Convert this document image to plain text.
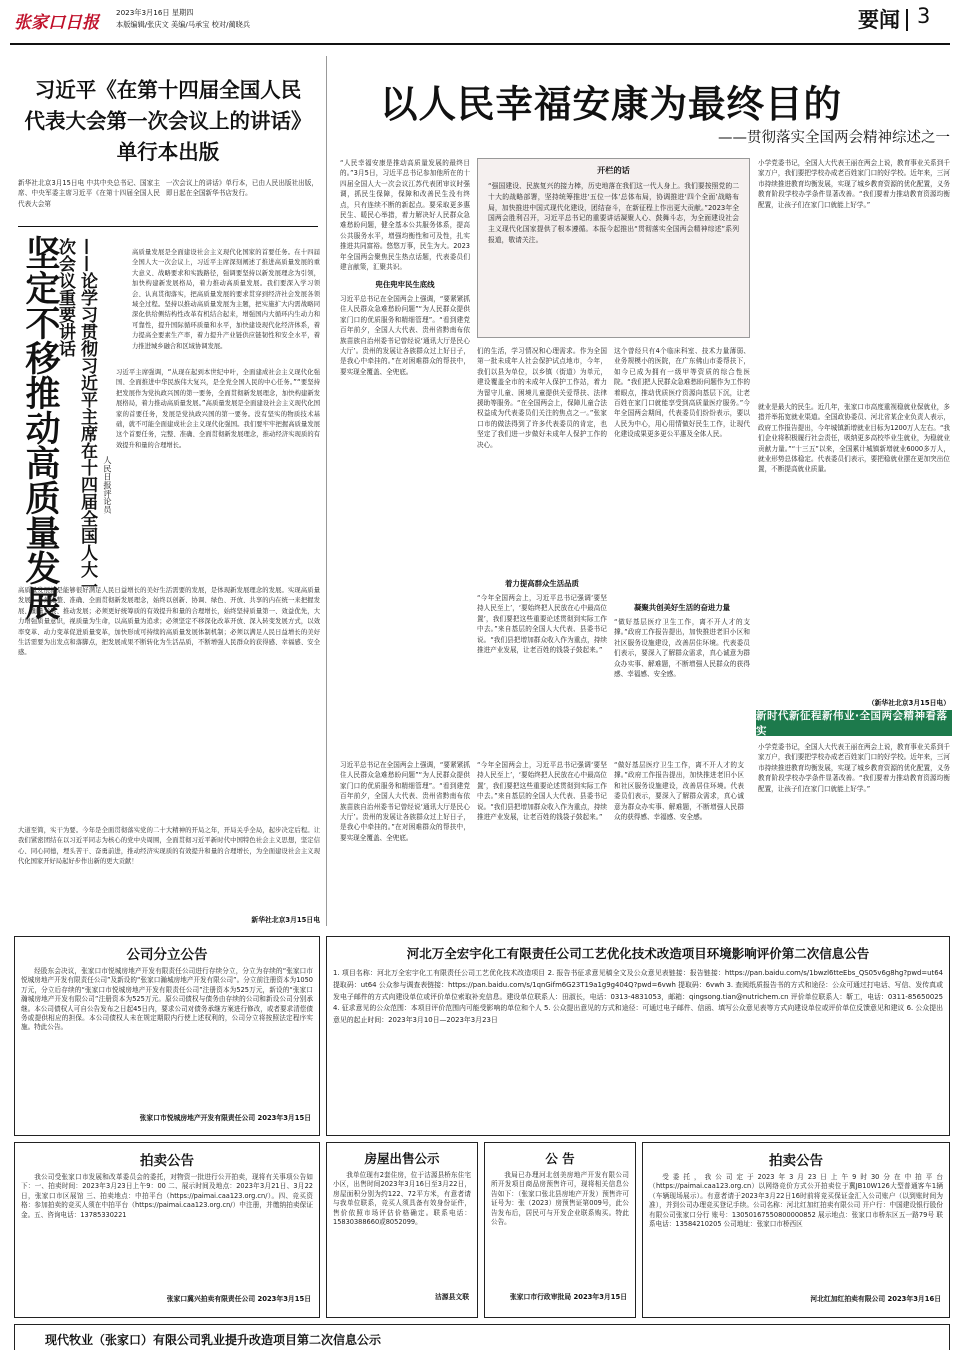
张家口日报
2023年3月16日 星期四
本版编辑/张庆文 美编/马承宝 校对/蔺晓兵	要闻 3
习近平《在第十四届全国人民
代表大会第一次会议上的讲话》
单行本出版
新华社北京3月15日电 中共中央总书记、国家主席、中央军委主席习近平《在第十四届全国人民代表大会第
一次会议上的讲话》单行本，已由人民出版社出版，即日起在全国新华书店发行。
坚定不移推动高质量发展 ——论学习贯彻习近平主席在十四届全国人大一次会议重要讲话
人民日报评论员
高质量发展是全面建设社会主义现代化国家的首要任务。在十四届全国人大一次会议上，习近平主席深刻阐述了推进高质量发展的重大意义、战略要求和实践路径，强调要坚持以新发展理念为引领，加快构建新发展格局，着力推动高质量发展。我们要深入学习领会、认真贯彻落实，把高质量发展的要求贯穿到经济社会发展各领域全过程。坚持以推动高质量发展为主题，把实施扩大内需战略同深化供给侧结构性改革有机结合起来，增强国内大循环内生动力和可靠性，提升国际循环质量和水平，加快建设现代化经济体系，着力提高全要素生产率，着力提升产业链供应链韧性和安全水平，着力推进城乡融合和区域协调发展。
习近平主席强调，“从现在起到本世纪中叶，全面建成社会主义现代化强国、全面推进中华民族伟大复兴，是全党全国人民的中心任务。”“要坚持把发展作为党执政兴国的第一要务，全面贯彻新发展理念，加快构建新发展格局，着力推动高质量发展。”高质量发展是全面建设社会主义现代化国家的首要任务，发展是党执政兴国的第一要务。没有坚实的物质技术基础，就不可能全面建成社会主义现代化强国。我们要牢牢把握高质量发展这个首要任务，完整、准确、全面贯彻新发展理念，推动经济实现质的有效提升和量的合理增长。
高质量发展就是能够很好满足人民日益增长的美好生活需要的发展，是体现新发展理念的发展。实现高质量发展，必须完整、准确、全面贯彻新发展理念，始终以创新、协调、绿色、开放、共享的内在统一来把握发展、衡量发展、推动发展；必须更好统筹质的有效提升和量的合理增长，始终坚持质量第一、效益优先，大力增强质量意识，视质量为生命，以高质量为追求；必须坚定不移深化改革开放、深入转变发展方式，以效率变革、动力变革促进质量变革，加快形成可持续的高质量发展体制机制；必须以满足人民日益增长的美好生活需要为出发点和落脚点，把发展成果不断转化为生活品质，不断增强人民群众的获得感、幸福感、安全感。
大道至简，实干为要。今年是全面贯彻落实党的二十大精神的开局之年，开局关乎全局，起步决定后程。让我们紧密团结在以习近平同志为核心的党中央周围，全面贯彻习近平新时代中国特色社会主义思想，坚定信心、同心同德，埋头苦干、奋勇前进，推动经济实现质的有效提升和量的合理增长，为全面建设社会主义现代化国家开好局起好步作出新的更大贡献！
新华社北京3月15日电
以人民幸福安康为最终目的
——贯彻落实全国两会精神综述之一
“人民幸福安康是推动高质量发展的最终目的。”3月5日，习近平总书记参加他所在的十四届全国人大一次会议江苏代表团审议时强调，抓民生保障，保障和改善民生没有终点，只有连续不断的新起点。要采取更多惠民生、暖民心举措，着力解决好人民群众急难愁盼问题，健全基本公共服务体系，提高公共服务水平，增强均衡性和可及性，扎实推进共同富裕。悠悠万事，民生为大。2023年全国两会聚焦民生热点话题，代表委员们建言献策，汇聚共识。
兜住兜牢民生底线
习近平总书记在全国两会上强调，“要紧紧抓住人民群众急难愁盼问题”“为人民群众提供家门口的优质服务和精细管理”。“看到建党百年前夕，全国人大代表、贵州省黔南布依族苗族自治州委书记曾经说‘通讯大厅是民心大厅’。贵州的发展让各族群众过上好日子，是我心中牵挂的。”在对困难群众的帮扶中，要实现全覆盖、全兜底。
开栏的话
“强国建设、民族复兴的接力棒，历史地落在我们这一代人身上。我们要按照党的二十大的战略部署，坚持统筹推进‘五位一体’总体布局，协调推进‘四个全面’战略布局，加快推进中国式现代化建设，团结奋斗，在新征程上作出更大贡献。”2023年全国两会胜利召开，习近平总书记的重要讲话凝聚人心、鼓舞斗志，为全面建设社会主义现代化国家提供了根本遵循。本报今起推出“贯彻落实全国两会精神综述”系列报道，敬请关注。
们的生活，学习情况和心理需求。作为全国第一批未成年人社会保护试点地市，今年，我们以县为单位，以乡镇（街道）为单元，建设覆盖全市的未成年人保护工作站，着力为留守儿童、困境儿童提供关爱帮扶、法律援助等服务。“在全国两会上，保障儿童合法权益成为代表委员们关注的焦点之一。”张家口市的做法得到了许多代表委员的肯定，也坚定了我们进一步做好未成年人保护工作的决心。
着力提高群众生活品质
“今年全国两会上，习近平总书记强调‘要坚持人民至上’，‘要始终把人民放在心中最高位置’，我们要把这些重要论述贯彻到实际工作中去。”来自基层的全国人大代表、县委书记说。“我们县把增加群众收入作为重点，持续推进产业发展，让老百姓的钱袋子鼓起来。”
这个曾经只有4个临床科室、技术力量薄弱、业务规模小的医院，在广东佛山市委帮扶下，如今已成为拥有一级甲等资质的综合性医院。“我们把人民群众急难愁盼问题作为工作的着眼点，推动优质医疗资源向基层下沉，让老百姓在家门口就能享受到高质量医疗服务。”今年全国两会期间，代表委员们纷纷表示，要以人民为中心，用心用情做好民生工作，让现代化建设成果更多更公平惠及全体人民。
凝聚共创美好生活的奋进力量
“做好基层医疗卫生工作，离不开人才的支撑。”政府工作报告提出，加快推进老旧小区和社区服务设施建设，改善居住环境。代表委员们表示，要深入了解群众需求，真心诚意为群众办实事、解难题，不断增强人民群众的获得感、幸福感、安全感。
小学党委书记，全国人大代表王丽在两会上说，教育事业关系到千家万户，我们要把学校办成老百姓家门口的好学校。近年来，三河市持续推进教育均衡发展，实现了城乡教育资源的优化配置，义务教育阶段学校办学条件显著改善。“我们要着力推动教育资源均衡配置，让孩子们在家门口就能上好学。”
就业是最大的民生。近几年，张家口市高度重视稳就业保就业，多措并举拓宽就业渠道。全国政协委员、河北省某企业负责人表示，政府工作报告提出，今年城镇新增就业目标为1200万人左右。“我们企业将积极履行社会责任，吸纳更多高校毕业生就业，为稳就业贡献力量。”“十三五”以来，全国累计城镇新增就业6000多万人，就业形势总体稳定。代表委员们表示，要把稳就业摆在更加突出位置，不断提高就业质量。
（新华社北京3月15日电）
新时代新征程新伟业·全国两会精神看落实
习近平总书记在全国两会上强调，“要紧紧抓住人民群众急难愁盼问题”“为人民群众提供家门口的优质服务和精细管理”。“看到建党百年前夕，全国人大代表、贵州省黔南布依族苗族自治州委书记曾经说‘通讯大厅是民心大厅’。贵州的发展让各族群众过上好日子，是我心中牵挂的。”在对困难群众的帮扶中，要实现全覆盖、全兜底。
“今年全国两会上，习近平总书记强调‘要坚持人民至上’，‘要始终把人民放在心中最高位置’，我们要把这些重要论述贯彻到实际工作中去。”来自基层的全国人大代表、县委书记说。“我们县把增加群众收入作为重点，持续推进产业发展，让老百姓的钱袋子鼓起来。”
“做好基层医疗卫生工作，离不开人才的支撑。”政府工作报告提出，加快推进老旧小区和社区服务设施建设，改善居住环境。代表委员们表示，要深入了解群众需求，真心诚意为群众办实事、解难题，不断增强人民群众的获得感、幸福感、安全感。
小学党委书记，全国人大代表王丽在两会上说，教育事业关系到千家万户，我们要把学校办成老百姓家门口的好学校。近年来，三河市持续推进教育均衡发展，实现了城乡教育资源的优化配置，义务教育阶段学校办学条件显著改善。“我们要着力推动教育资源均衡配置，让孩子们在家门口就能上好学。”
公司分立公告

经股东会决议，张家口市悦城房地产开发有限责任公司进行存续分立，分立为存续的“张家口市悦城房地产开发有限责任公司”及新设的“张家口瀚城房地产开发有限公司”。分立前注册资本为1050万元，分立后存续的“张家口市悦城房地产开发有限责任公司”注册资本为525万元，新设的“张家口瀚城房地产开发有限公司”注册资本为525万元。原公司债权与债务由存续的公司和新设公司分别承继。本公司债权人可自公告发布之日起45日内，要求公司对债务承继方案进行修改，或者要求清偿债务或提供相应的担保。本公司债权人未在规定期限内行使上述权利的，公司分立将按照法定程序实施。特此公告。

张家口市悦城房地产开发有限责任公司 2023年3月15日
河北万全宏宇化工有限责任公司工艺优化技术改造项目环境影响评价第二次信息公告
1. 项目名称：河北万全宏宇化工有限责任公司工艺优化技术改造项目 2. 报告书征求意见稿全文及公众意见表链接：报告链接：https://pan.baidu.com/s/1bwzl6tteEbs_QS05v6g8hg?pwd=ut64 提取码：ut64 公众参与调查表链接：https://pan.baidu.com/s/1qnGifm6G23T19a1g9g404Q?pwd=6vwh 提取码：6vwh 3. 查阅纸质报告书的方式和途径：公众可通过打电话、写信、发传真或发电子邮件的方式向建设单位或评价单位索取补充信息。建设单位联系人：田淑长，电话：0313-4831053，邮箱：qingsong.tian@nutrichem.cn 评价单位联系人：靳工，电话：0311-85650025 4. 征求意见的公众范围：本项目评价范围内可能受影响的单位和个人 5. 公众提出意见的方式和途径：可通过电子邮件、信函、填写公众意见表等方式向建设单位或评价单位反馈意见和建议 6. 公众提出意见的起止时间：2023年3月10日—2023年3月23日
拍卖公告

我公司受张家口市发展和改革委员会的委托，对物资一批进行公开拍卖，现将有关事项公告如下：一、拍卖时间：2023年3月23日上午9：00 二、展示时间及地点：2023年3月21日、3月22日，张家口市区展馆 三、拍卖地点：中拍平台（https://paimai.caa123.org.cn/）。四、竞买资格：参加拍卖的竞买人须在中拍平台（https://paimai.caa123.org.cn/）中注册，并缴纳拍卖保证金。五、咨询电话：13785330221

张家口冀兴拍卖有限责任公司 2023年3月15日
房屋出售公示

我单位现有2套住房，位于沽源县桥东住宅小区，出售时间2023年3月16日至3月22日，房屋面积分别为约122、72平方米，有意者请与我单位联系，竞买人须具备有效身份证件，售价依照市场评估价格确定。联系电话：15830388660或8052099。

沽源县文联
公 告

我局已办理河北创美房地产开发有限公司所开发项目商品房预售许可，现将相关信息公告如下：（张家口张北县房地产开发）预售许可证号为：张（2023）房预售证第009号，此公告发布后，居民可与开发企业联系购买。特此公告。

张家口市行政审批局 2023年3月15日
拍卖公告

受委托，我公司定于2023年3月23日上午9时30分在中拍平台（https://paimai.caa123.org.cn）以网络竞价方式公开拍卖位于冀JB10W126大型普通客车1辆（车辆现场展示）。有意者请于2023年3月22日16时前将竞买保证金汇入公司账户（以到账时间为准），并到公司办理竞买登记手续。公司名称：河北红加红拍卖有限公司 开户行：中国建设银行股份有限公司张家口分行 账号：13050167550800000852 展示地点：张家口市桥东区五一路79号 联系电话：13584210205 公司地址：张家口市桥西区

河北红加红拍卖有限公司 2023年3月16日
现代牧业（张家口）有限公司乳业提升改造项目第二次信息公示
